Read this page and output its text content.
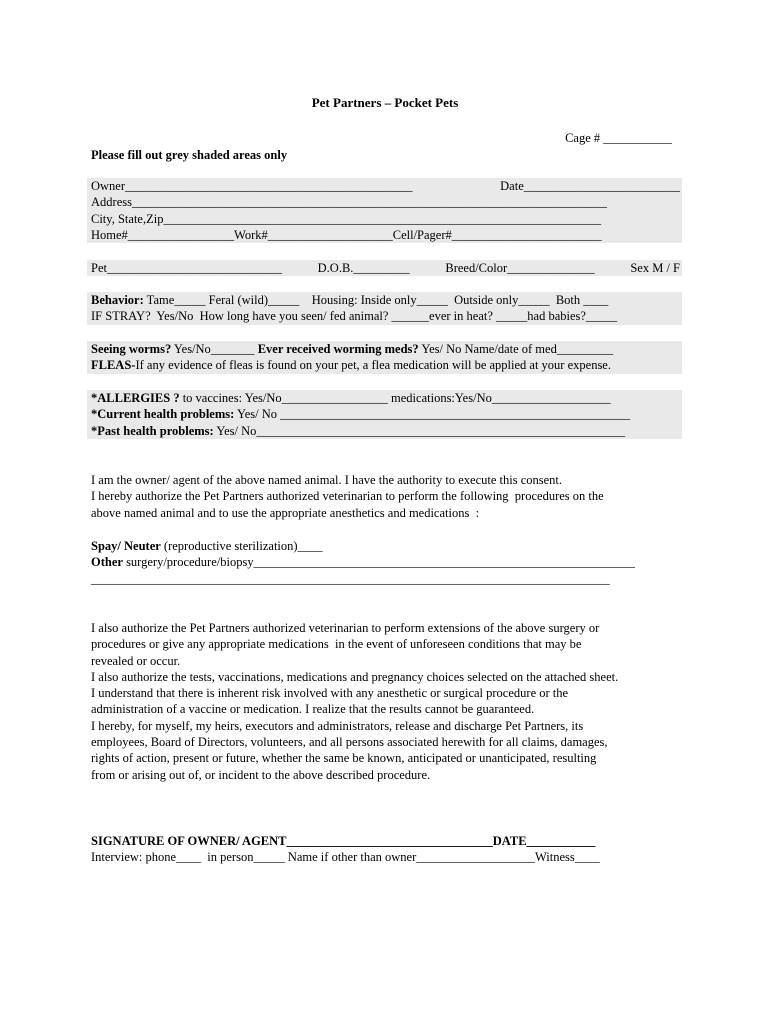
Pet Partners – Pocket Pets
Cage # ___________
Please fill out grey shaded areas only
Owner______________________________________________	Date_________________________
Address____________________________________________________________________________
City, State,Zip______________________________________________________________________
Home#_________________Work#____________________Cell/Pager#________________________
Pet____________________________	D.O.B._________	Breed/Color______________	Sex M / F
Behavior: Tame_____ Feral (wild)_____    Housing: Inside only_____  Outside only_____  Both ____
IF STRAY?  Yes/No  How long have you seen/ fed animal? ______ever in heat? _____had babies?_____
Seeing worms? Yes/No_______ Ever received worming meds? Yes/ No Name/date of med_________
FLEAS-If any evidence of fleas is found on your pet, a flea medication will be applied at your expense.
*ALLERGIES ? to vaccines: Yes/No_________________ medications:Yes/No___________________
*Current health problems: Yes/ No ________________________________________________________
*Past health problems: Yes/ No___________________________________________________________
I am the owner/ agent of the above named animal. I have the authority to execute this consent.
I hereby authorize the Pet Partners authorized veterinarian to perform the following  procedures on the
above named animal and to use the appropriate anesthetics and medications  :
Spay/ Neuter (reproductive sterilization)____
Other surgery/procedure/biopsy_____________________________________________________________
___________________________________________________________________________________
I also authorize the Pet Partners authorized veterinarian to perform extensions of the above surgery or
procedures or give any appropriate medications  in the event of unforeseen conditions that may be
revealed or occur.
I also authorize the tests, vaccinations, medications and pregnancy choices selected on the attached sheet.
I understand that there is inherent risk involved with any anesthetic or surgical procedure or the
administration of a vaccine or medication. I realize that the results cannot be guaranteed.
I hereby, for myself, my heirs, executors and administrators, release and discharge Pet Partners, its
employees, Board of Directors, volunteers, and all persons associated herewith for all claims, damages,
rights of action, present or future, whether the same be known, anticipated or unanticipated, resulting
from or arising out of, or incident to the above described procedure.
SIGNATURE OF OWNER/ AGENT_________________________________DATE___________
Interview: phone____  in person_____ Name if other than owner___________________Witness____
